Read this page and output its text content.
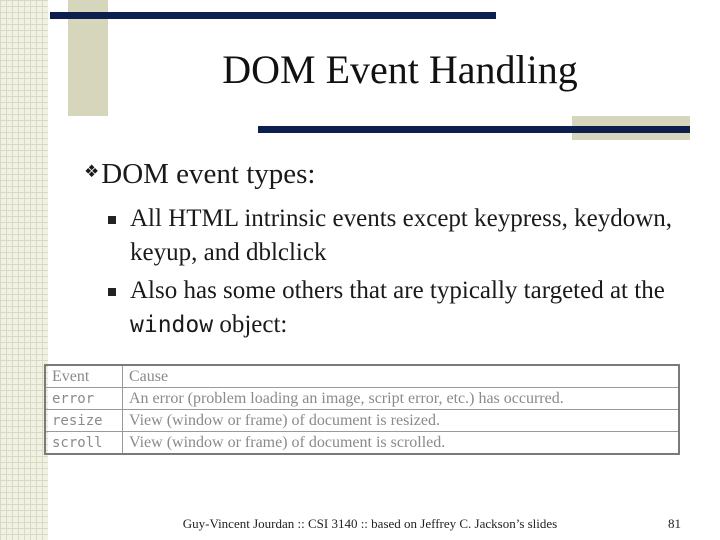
DOM Event Handling
❖DOM event types:
All HTML intrinsic events except keypress, keydown, keyup, and dblclick
Also has some others that are typically targeted at the window object:
Event	Cause
error	An error (problem loading an image, script error, etc.) has occurred.
resize	View (window or frame) of document is resized.
scroll	View (window or frame) of document is scrolled.
Guy-Vincent Jourdan :: CSI 3140 :: based on Jeffrey C. Jackson’s slides	81
